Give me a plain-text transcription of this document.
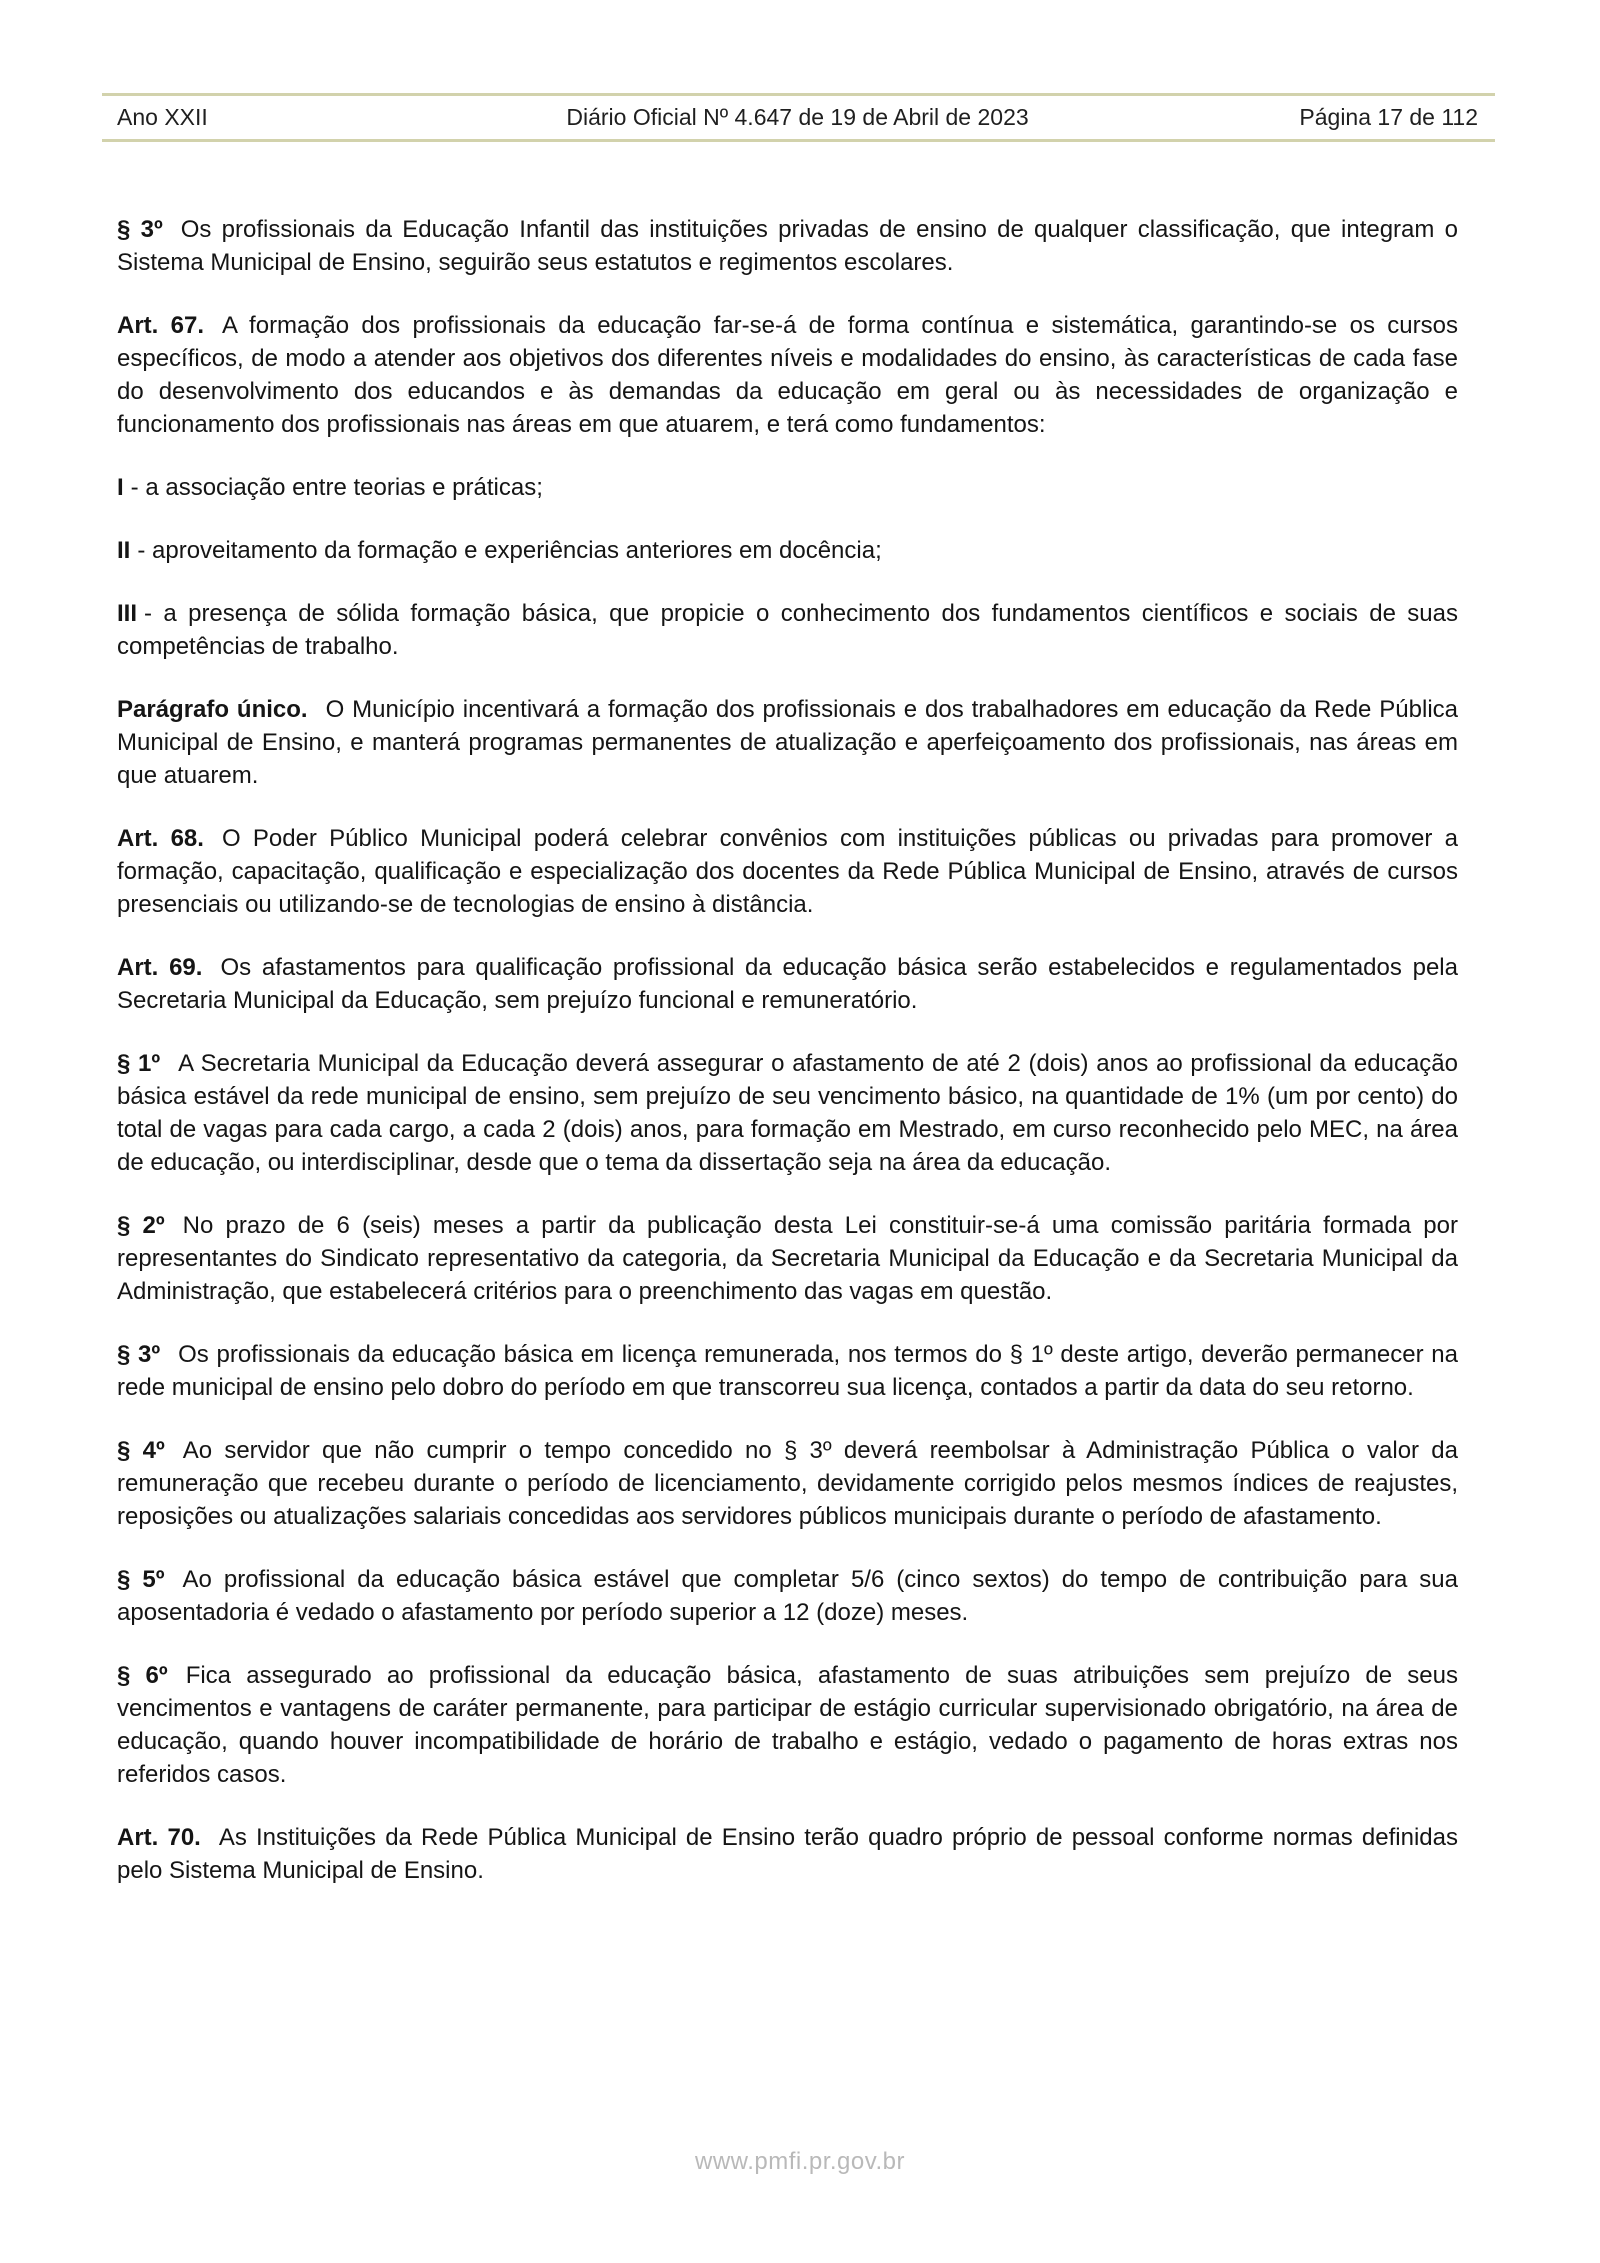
Ano XXII	Diário Oficial Nº 4.647 de 19 de Abril de 2023	Página 17 de 112

§ 3º Os profissionais da Educação Infantil das instituições privadas de ensino de qualquer classificação, que integram o Sistema Municipal de Ensino, seguirão seus estatutos e regimentos escolares.

Art. 67. A formação dos profissionais da educação far-se-á de forma contínua e sistemática, garantindo-se os cursos específicos, de modo a atender aos objetivos dos diferentes níveis e modalidades do ensino, às características de cada fase do desenvolvimento dos educandos e às demandas da educação em geral ou às necessidades de organização e funcionamento dos profissionais nas áreas em que atuarem, e terá como fundamentos:

I - a associação entre teorias e práticas;

II - aproveitamento da formação e experiências anteriores em docência;

III - a presença de sólida formação básica, que propicie o conhecimento dos fundamentos científicos e sociais de suas competências de trabalho.

Parágrafo único. O Município incentivará a formação dos profissionais e dos trabalhadores em educação da Rede Pública Municipal de Ensino, e manterá programas permanentes de atualização e aperfeiçoamento dos profissionais, nas áreas em que atuarem.

Art. 68. O Poder Público Municipal poderá celebrar convênios com instituições públicas ou privadas para promover a formação, capacitação, qualificação e especialização dos docentes da Rede Pública Municipal de Ensino, através de cursos presenciais ou utilizando-se de tecnologias de ensino à distância.

Art. 69. Os afastamentos para qualificação profissional da educação básica serão estabelecidos e regulamentados pela Secretaria Municipal da Educação, sem prejuízo funcional e remuneratório.

§ 1º A Secretaria Municipal da Educação deverá assegurar o afastamento de até 2 (dois) anos ao profissional da educação básica estável da rede municipal de ensino, sem prejuízo de seu vencimento básico, na quantidade de 1% (um por cento) do total de vagas para cada cargo, a cada 2 (dois) anos, para formação em Mestrado, em curso reconhecido pelo MEC, na área de educação, ou interdisciplinar, desde que o tema da dissertação seja na área da educação.

§ 2º No prazo de 6 (seis) meses a partir da publicação desta Lei constituir-se-á uma comissão paritária formada por representantes do Sindicato representativo da categoria, da Secretaria Municipal da Educação e da Secretaria Municipal da Administração, que estabelecerá critérios para o preenchimento das vagas em questão.

§ 3º Os profissionais da educação básica em licença remunerada, nos termos do § 1º deste artigo, deverão permanecer na rede municipal de ensino pelo dobro do período em que transcorreu sua licença, contados a partir da data do seu retorno.

§ 4º Ao servidor que não cumprir o tempo concedido no § 3º deverá reembolsar à Administração Pública o valor da remuneração que recebeu durante o período de licenciamento, devidamente corrigido pelos mesmos índices de reajustes, reposições ou atualizações salariais concedidas aos servidores públicos municipais durante o período de afastamento.

§ 5º Ao profissional da educação básica estável que completar 5/6 (cinco sextos) do tempo de contribuição para sua aposentadoria é vedado o afastamento por período superior a 12 (doze) meses.

§ 6º Fica assegurado ao profissional da educação básica, afastamento de suas atribuições sem prejuízo de seus vencimentos e vantagens de caráter permanente, para participar de estágio curricular supervisionado obrigatório, na área de educação, quando houver incompatibilidade de horário de trabalho e estágio, vedado o pagamento de horas extras nos referidos casos.

Art. 70. As Instituições da Rede Pública Municipal de Ensino terão quadro próprio de pessoal conforme normas definidas pelo Sistema Municipal de Ensino.

www.pmfi.pr.gov.br
